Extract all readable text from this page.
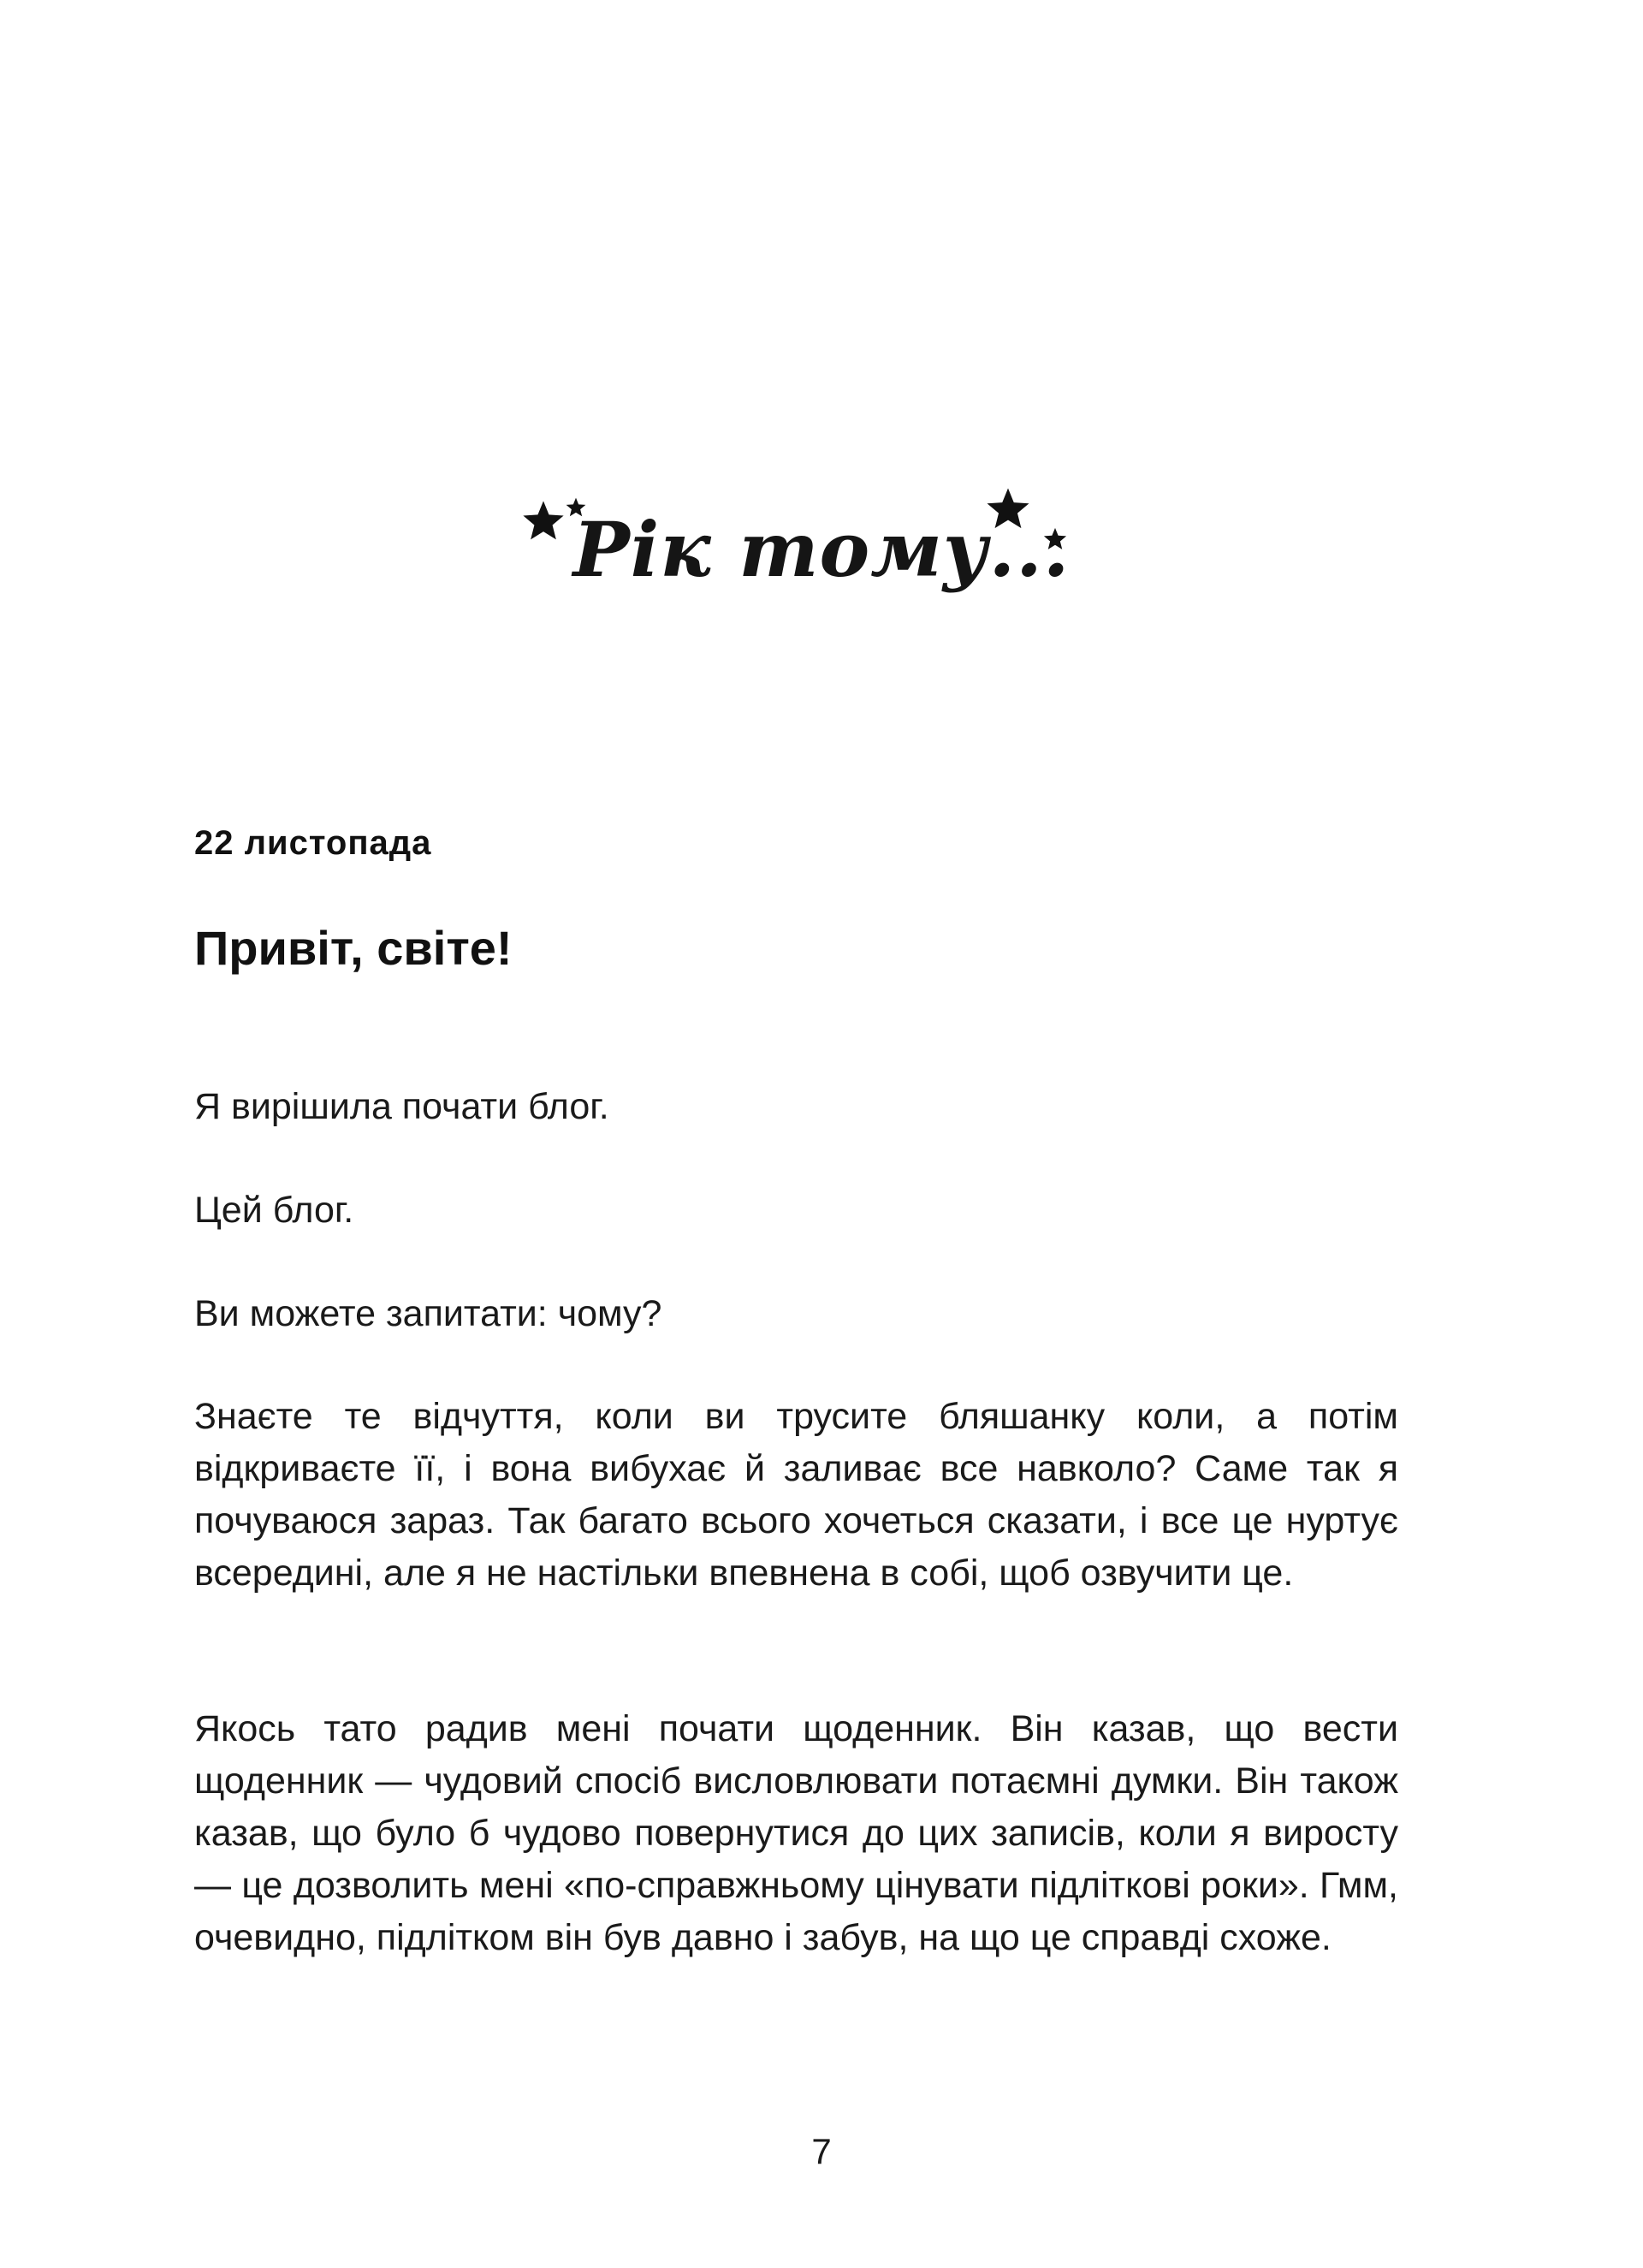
Рік тому...
22 листопада
Привіт, світе!

Я вирішила почати блог.

Цей блог.

Ви можете запитати: чому?

Знаєте те відчуття, коли ви трусите бляшанку коли, а потім відкриваєте її, і вона вибухає й заливає все навколо? Саме так я почуваюся зараз. Так багато всього хочеться сказати, і все це нуртує всередині, але я не настільки впевнена в собі, щоб озвучити це.

Якось тато радив мені почати щоденник. Він казав, що вести щоденник — чудовий спосіб висловлювати потаємні думки. Він також казав, що було б чудово повернутися до цих записів, коли я виросту — це дозволить мені «по-справжньому цінувати підліткові роки». Гмм, очевидно, підлітком він був давно і забув, на що це справді схоже.

7
